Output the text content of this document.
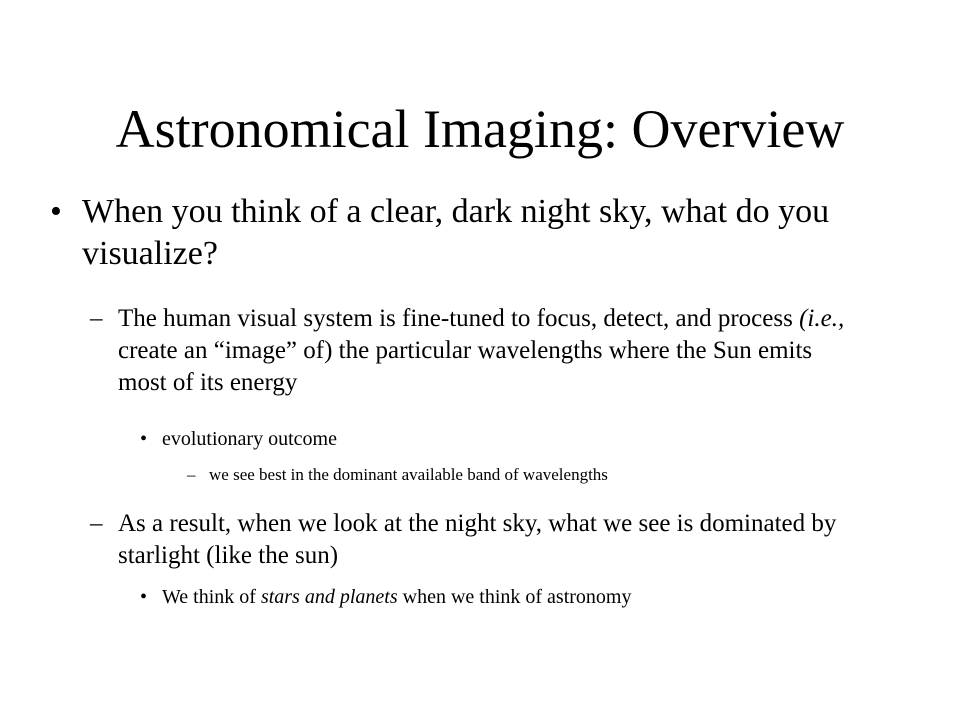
Astronomical Imaging: Overview
• When you think of a clear, dark night sky, what do you visualize?
– The human visual system is fine-tuned to focus, detect, and process (i.e., create an “image” of) the particular wavelengths where the Sun emits most of its energy
• evolutionary outcome
– we see best in the dominant available band of wavelengths
– As a result, when we look at the night sky, what we see is dominated by starlight (like the sun)
• We think of stars and planets when we think of astronomy
